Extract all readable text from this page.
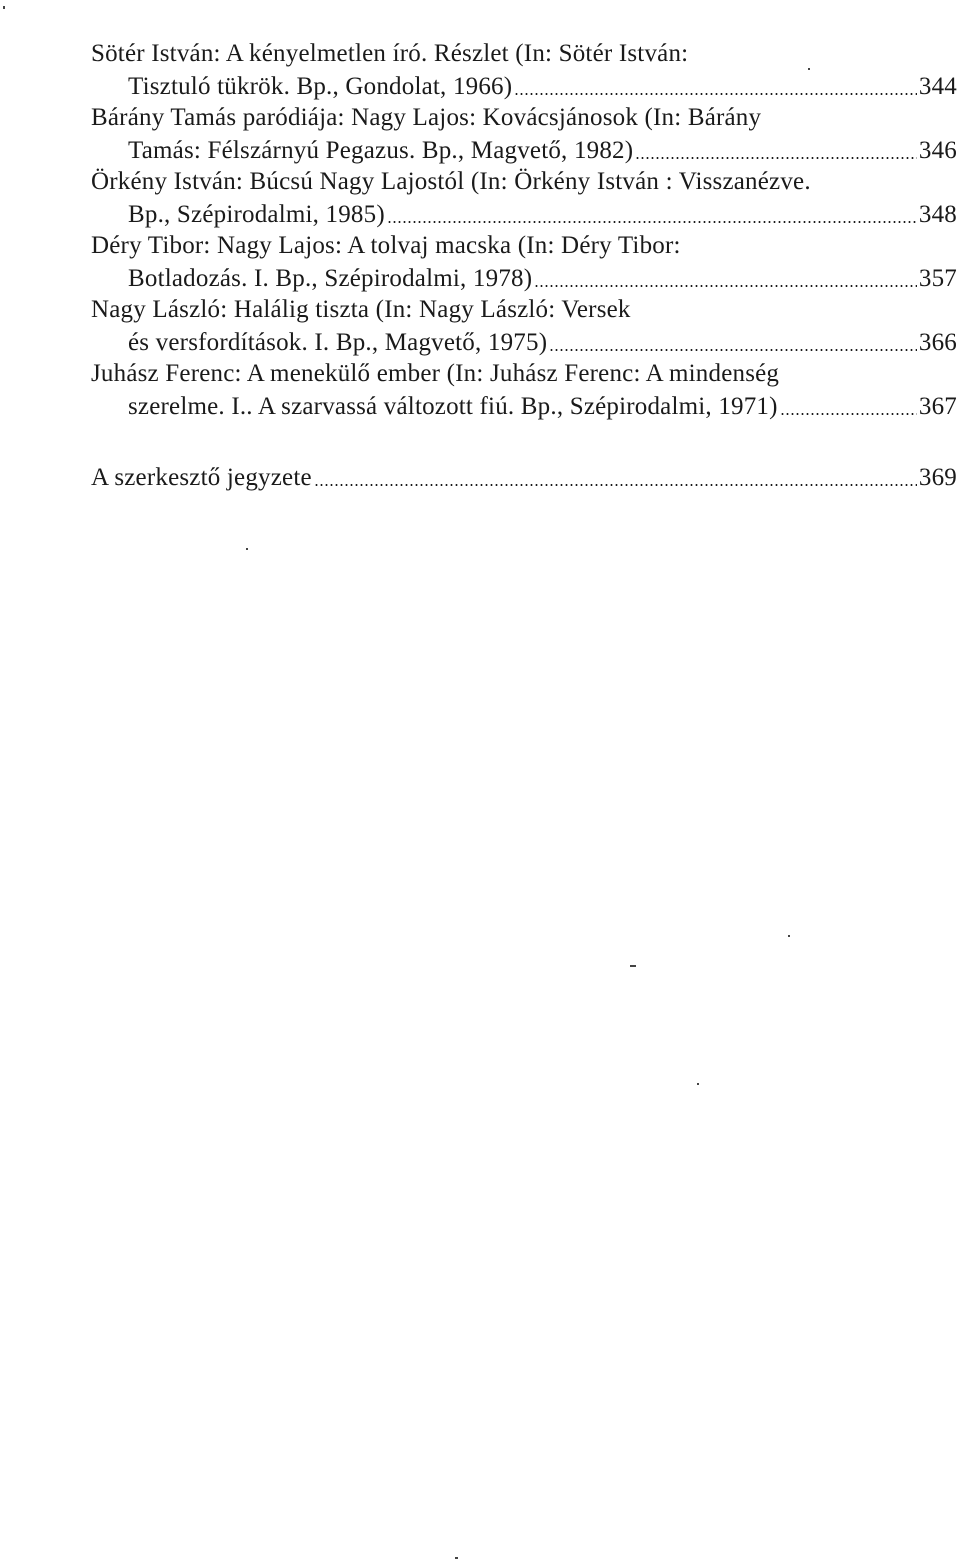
Sötér István: A kényelmetlen író. Részlet (In: Sötér István:
Tisztuló tükrök. Bp., Gondolat, 1966)	344
Bárány Tamás paródiája: Nagy Lajos: Kovácsjánosok (In: Bárány
Tamás: Félszárnyú Pegazus. Bp., Magvető, 1982)	346
Örkény István: Búcsú Nagy Lajostól (In: Örkény István : Visszanézve.
Bp., Szépirodalmi, 1985)	348
Déry Tibor: Nagy Lajos: A tolvaj macska (In: Déry Tibor:
Botladozás. I. Bp., Szépirodalmi, 1978)	357
Nagy László: Halálig tiszta (In: Nagy László: Versek
és versfordítások. I. Bp., Magvető, 1975)	366
Juhász Ferenc: A menekülő ember (In: Juhász Ferenc: A mindenség
szerelme. I.. A szarvassá változott fiú. Bp., Szépirodalmi, 1971)	367
A szerkesztő jegyzete	369
